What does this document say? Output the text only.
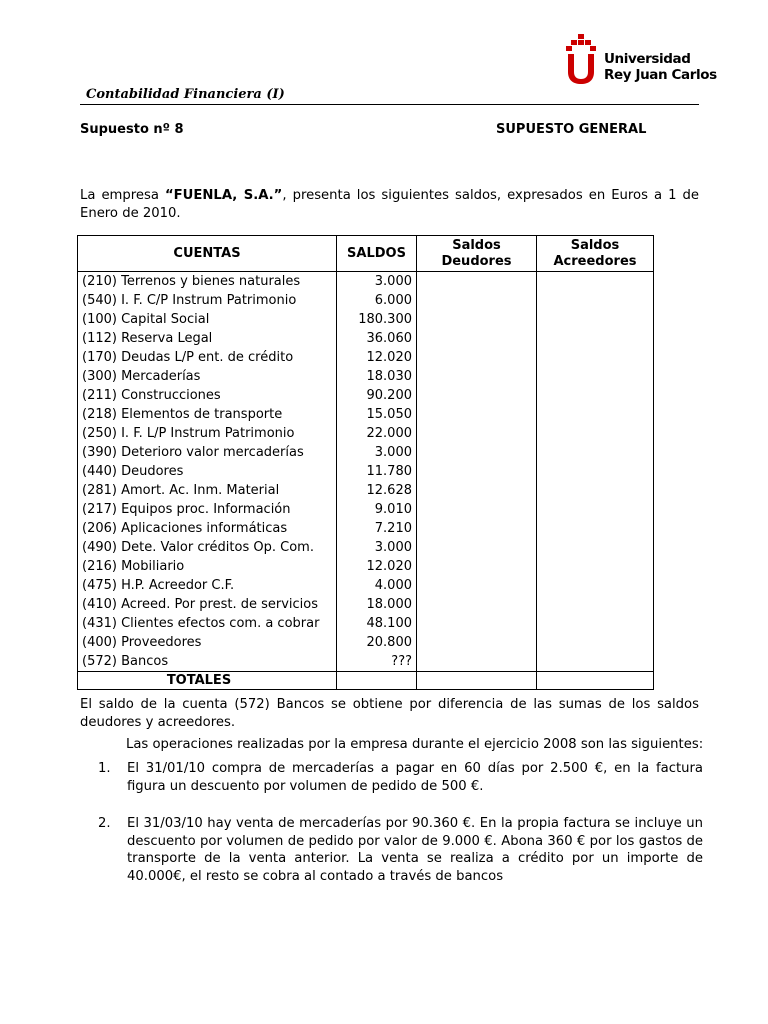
Universidad
Rey Juan Carlos
Contabilidad Financiera (I)
Supuesto nº 8	SUPUESTO GENERAL
La empresa “FUENLA, S.A.”, presenta los siguientes saldos, expresados en Euros a 1 de Enero de 2010.
CUENTAS	SALDOS	Saldos Deudores	Saldos Acreedores
(210) Terrenos y bienes naturales	3.000		
(540) I. F. C/P Instrum Patrimonio	6.000		
(100) Capital Social	180.300		
(112) Reserva Legal	36.060		
(170) Deudas L/P ent. de crédito	12.020		
(300) Mercaderías	18.030		
(211) Construcciones	90.200		
(218) Elementos de transporte	15.050		
(250) I. F. L/P Instrum Patrimonio	22.000		
(390) Deterioro valor mercaderías	3.000		
(440) Deudores	11.780		
(281) Amort. Ac. Inm. Material	12.628		
(217) Equipos proc. Información	9.010		
(206) Aplicaciones informáticas	7.210		
(490) Dete. Valor créditos Op. Com.	3.000		
(216) Mobiliario	12.020		
(475) H.P. Acreedor C.F.	4.000		
(410) Acreed. Por prest. de servicios	18.000		
(431) Clientes efectos com. a cobrar	48.100		
(400) Proveedores	20.800		
(572) Bancos	???		
TOTALES			
El saldo de la cuenta (572) Bancos se obtiene por diferencia de las sumas de los saldos deudores y acreedores.
Las operaciones realizadas por la empresa durante el ejercicio 2008 son las siguientes:
1. El 31/01/10 compra de mercaderías a pagar en 60 días por 2.500 €, en la factura figura un descuento por volumen de pedido de 500 €.
2. El 31/03/10 hay venta de mercaderías por 90.360 €. En la propia factura se incluye un descuento por volumen de pedido por valor de 9.000 €. Abona 360 € por los gastos de transporte de la venta anterior. La venta se realiza a crédito por un importe de 40.000€, el resto se cobra al contado a través de bancos
